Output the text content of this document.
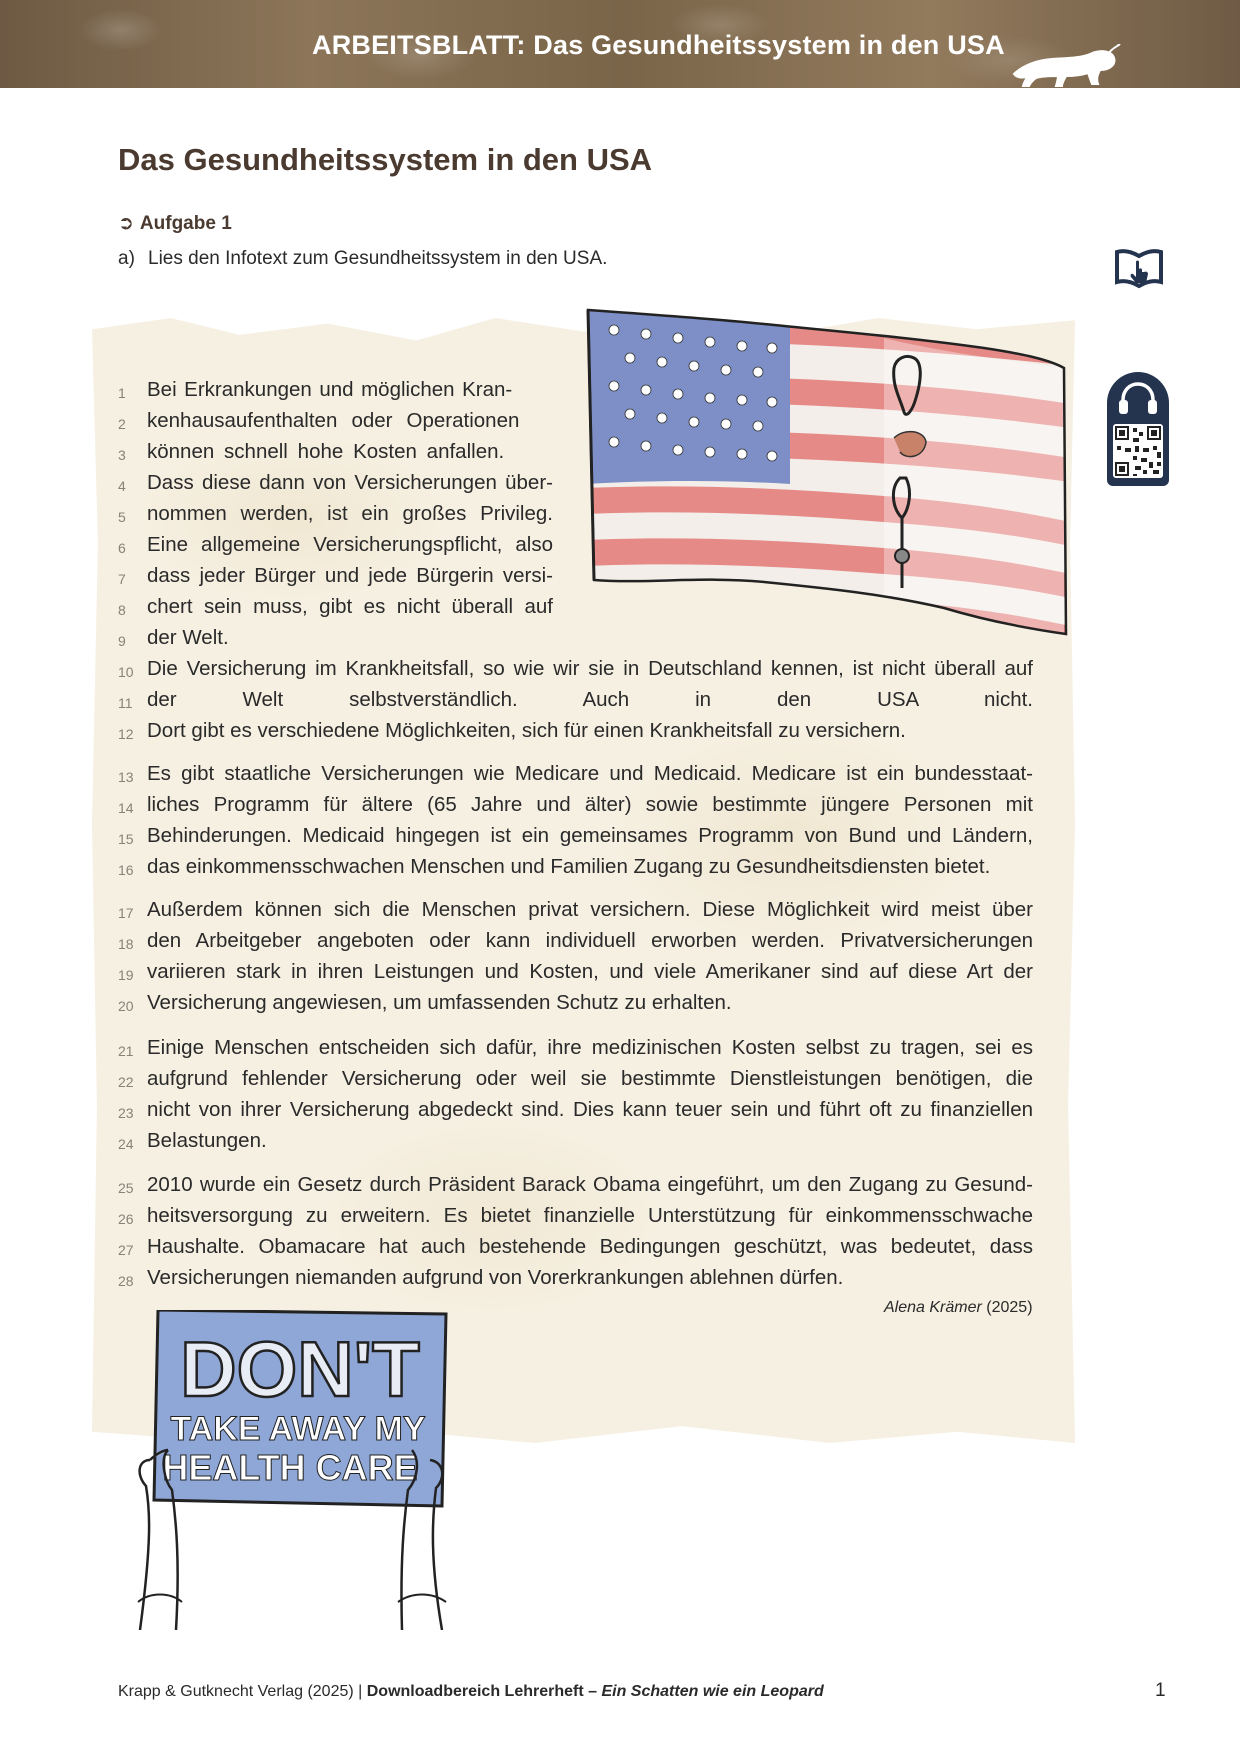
ARBEITSBLATT: Das Gesundheitssystem in den USA
Das Gesundheitssystem in den USA
➲ Aufgabe 1
a) Lies den Infotext zum Gesundheitssystem in den USA.
1	Bei Erkrankungen und möglichen Kran-
2	kenhausaufenthalten oder Operationen
3	können schnell hohe Kosten anfallen.
4	Dass diese dann von Versicherungen über-
5	nommen werden, ist ein großes Privileg.
6	Eine allgemeine Versicherungspflicht, also
7	dass jeder Bürger und jede Bürgerin versi-
8	chert sein muss, gibt es nicht überall auf
9	der Welt.
10 Die Versicherung im Krankheitsfall, so wie wir sie in Deutschland kennen, ist nicht überall auf
11 der Welt selbstverständlich. Auch in den USA nicht.
12 Dort gibt es verschiedene Möglichkeiten, sich für einen Krankheitsfall zu versichern.
13 Es gibt staatliche Versicherungen wie Medicare und Medicaid. Medicare ist ein bundesstaat-
14 liches Programm für ältere (65 Jahre und älter) sowie bestimmte jüngere Personen mit
15 Behinderungen. Medicaid hingegen ist ein gemeinsames Programm von Bund und Ländern,
16 das einkommensschwachen Menschen und Familien Zugang zu Gesundheitsdiensten bietet.
17 Außerdem können sich die Menschen privat versichern. Diese Möglichkeit wird meist über
18 den Arbeitgeber angeboten oder kann individuell erworben werden. Privatversicherungen
19 variieren stark in ihren Leistungen und Kosten, und viele Amerikaner sind auf diese Art der
20 Versicherung angewiesen, um umfassenden Schutz zu erhalten.
21 Einige Menschen entscheiden sich dafür, ihre medizinischen Kosten selbst zu tragen, sei es
22 aufgrund fehlender Versicherung oder weil sie bestimmte Dienstleistungen benötigen, die
23 nicht von ihrer Versicherung abgedeckt sind. Dies kann teuer sein und führt oft zu finanziellen
24 Belastungen.
25 2010 wurde ein Gesetz durch Präsident Barack Obama eingeführt, um den Zugang zu Gesund-
26 heitsversorgung zu erweitern. Es bietet finanzielle Unterstützung für einkommensschwache
27 Haushalte. Obamacare hat auch bestehende Bedingungen geschützt, was bedeutet, dass
28 Versicherungen niemanden aufgrund von Vorerkrankungen ablehnen dürfen.
Alena Krämer (2025)
DON'T
TAKE AWAY MY
HEALTH CARE
Krapp & Gutknecht Verlag (2025) | Downloadbereich Lehrerheft – Ein Schatten wie ein Leopard	1
